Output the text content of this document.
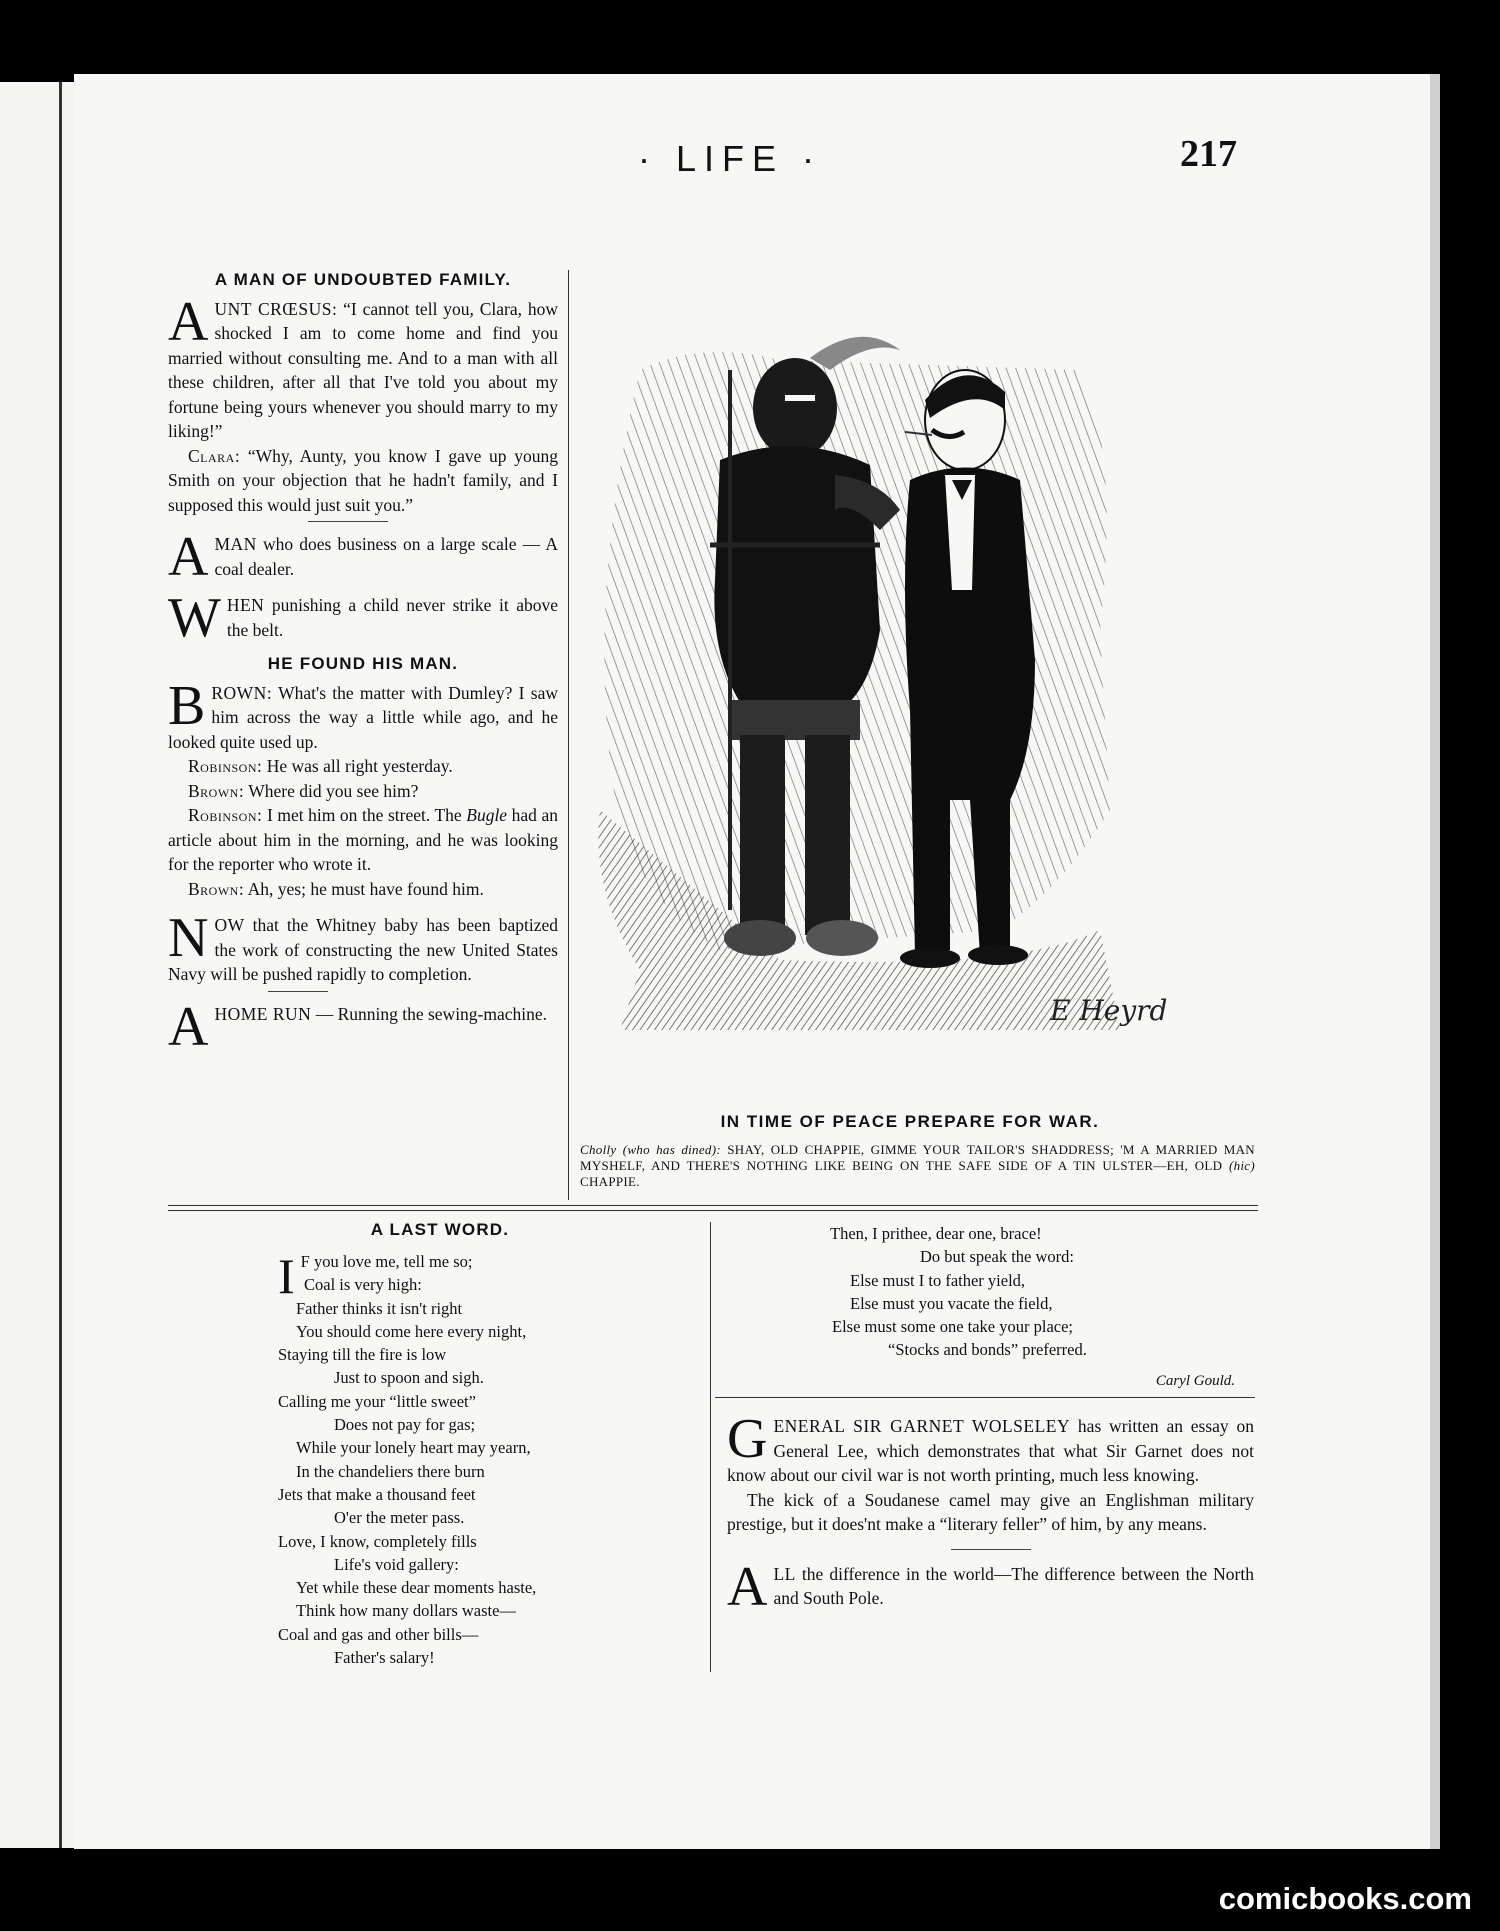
· LIFE ·	217
A MAN OF UNDOUBTED FAMILY.

AUNT CRŒSUS: “I cannot tell you, Clara, how shocked I am to come home and find you married without consulting me. And to a man with all these children, after all that I've told you about my fortune being yours whenever you should marry to my liking!”

Clara: “Why, Aunty, you know I gave up young Smith on your objection that he hadn't family, and I supposed this would just suit you.”

AMAN who does business on a large scale — A coal dealer.

WHEN punishing a child never strike it above the belt.

HE FOUND HIS MAN.

BROWN: What's the matter with Dumley? I saw him across the way a little while ago, and he looked quite used up.

Robinson: He was all right yesterday.

Brown: Where did you see him?

Robinson: I met him on the street. The Bugle had an article about him in the morning, and he was looking for the reporter who wrote it.

Brown: Ah, yes; he must have found him.

NOW that the Whitney baby has been baptized the work of constructing the new United States Navy will be pushed rapidly to completion.

AHOME RUN — Running the sewing-machine.	E Heyrd
IN TIME OF PEACE PREPARE FOR WAR.
Cholly (who has dined): SHAY, OLD CHAPPIE, GIMME YOUR TAILOR'S SHADDRESS; 'M A MARRIED MAN MYSHELF, AND THERE'S NOTHING LIKE BEING ON THE SAFE SIDE OF A TIN ULSTER—EH, OLD (hic) CHAPPIE.
A LAST WORD.
I F you love me, tell me so;
Coal is very high:
Father thinks it isn't right
You should come here every night,
Staying till the fire is low
Just to spoon and sigh.
Calling me your “little sweet”
Does not pay for gas;
While your lonely heart may yearn,
In the chandeliers there burn
Jets that make a thousand feet
O'er the meter pass.
Love, I know, completely fills
Life's void gallery:
Yet while these dear moments haste,
Think how many dollars waste—
Coal and gas and other bills—
Father's salary!
Then, I prithee, dear one, brace!
Do but speak the word:
Else must I to father yield,
Else must you vacate the field,
Else must some one take your place;
“Stocks and bonds” preferred.
Caryl Gould.

GENERAL SIR GARNET WOLSELEY has written an essay on General Lee, which demonstrates that what Sir Garnet does not know about our civil war is not worth printing, much less knowing.

The kick of a Soudanese camel may give an Englishman military prestige, but it does'nt make a “literary feller” of him, by any means.

ALL the difference in the world—The difference between the North and South Pole.

comicbooks.com
